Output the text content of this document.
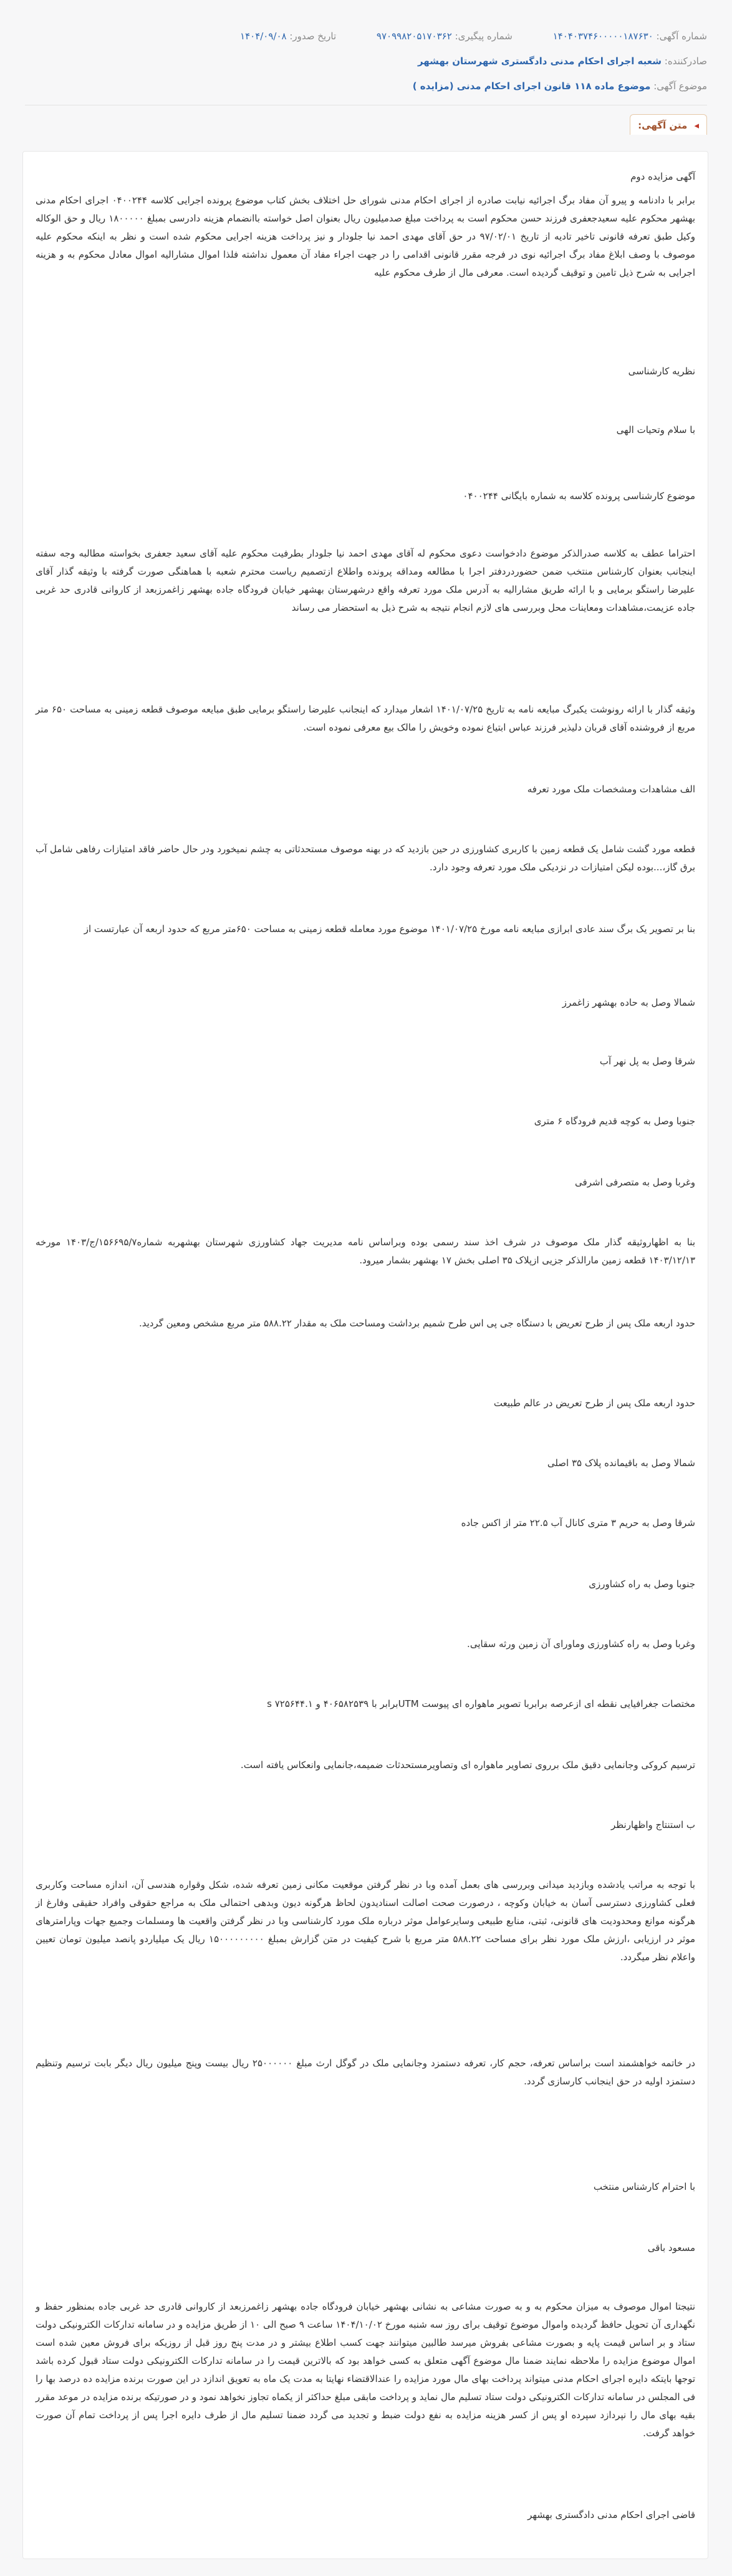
شماره آگهی: ۱۴۰۴۰۳۷۴۶۰۰۰۰۰۱۸۷۶۳۰ شماره پیگیری: ۹۷۰۹۹۸۲۰۵۱۷۰۳۶۲ تاریخ صدور: ۱۴۰۴/۰۹/۰۸
صادرکننده: شعبه اجرای احکام مدنی دادگستری شهرستان بهشهر
موضوع آگهی: موضوع ماده ۱۱۸ قانون اجرای احکام مدنی (مزایده )
◂ متن آگهی:
آگهی مزایده دوم
برابر با دادنامه و پیرو آن مفاد برگ اجرائیه نیابت صادره از اجرای احکام مدنی شورای حل اختلاف بخش کتاب موضوع پرونده اجرایی کلاسه ۰۴۰۰۲۴۴ اجرای احکام مدنی بهشهر محکوم علیه سعیدجعفری فرزند حسن محکوم است به پرداخت مبلغ صدمیلیون ریال بعنوان اصل خواسته باانضمام هزینه دادرسی بمبلغ ۱۸۰۰۰۰۰ ریال و حق الوکاله وکیل طبق تعرفه قانونی تاخیر تادیه از تاریخ ۹۷/۰۲/۰۱ در حق آقای مهدی احمد نیا جلودار و نیز پرداخت هزینه اجرایی محکوم شده است و نظر به اینکه محکوم علیه موصوف با وصف ابلاغ مفاد برگ اجرائیه نوی در فرجه مقرر قانونی اقدامی را در جهت اجراء مفاد آن معمول نداشته فلذا اموال مشارالیه اموال معادل محکوم به و هزینه اجرایی به شرح ذیل تامین و توقیف گردیده است. معرفی مال از طرف محکوم علیه
نظریه کارشناسی
با سلام وتحیات الهی
موضوع کارشناسی پرونده کلاسه به شماره بایگانی ۰۴۰۰۲۴۴
احتراما عطف به کلاسه صدرالذکر موضوع دادخواست دعوی محکوم له آقای مهدی احمد نیا جلودار بطرفیت محکوم علیه آقای سعید جعفری بخواسته مطالبه وجه سفته اینجانب بعنوان کارشناس منتخب ضمن حضوردردفتر اجرا با مطالعه ومداقه پرونده واطلاع ازتصمیم ریاست محترم شعبه با هماهنگی صورت گرفته با وثیقه گذار آقای علیرضا راستگو برمایی و با ارائه طریق مشارالیه به آدرس ملک مورد تعرفه واقع درشهرستان بهشهر خیابان فرودگاه جاده بهشهر زاغمرزبعد از کاروانی قادری حد غربی جاده عزیمت،مشاهدات ومعاینات محل وبررسی های لازم انجام نتیجه به شرح ذیل به استحضار می رساند
وثیقه گذار با ارائه رونوشت یکبرگ مبایعه نامه به تاریخ ۱۴۰۱/۰۷/۲۵ اشعار میدارد که اینجانب علیرضا راستگو برمایی طبق مبایعه موصوف قطعه زمینی به مساحت ۶۵۰ متر مربع از فروشنده آقای قربان دلیذیر فرزند عباس ابتیاع نموده وخویش را مالک بیع معرفی نموده است.
الف مشاهدات ومشخصات ملک مورد تعرفه
قطعه مورد گشت شامل یک قطعه زمین با کاربری کشاورزی در حین بازدید که در بهنه موصوف مستحدثاتی به چشم نمیخورد ودر حال حاضر فاقد امتیازات رفاهی شامل آب برق گاز،...بوده لیکن امتیازات در نزدیکی ملک مورد تعرفه وجود دارد.
بنا بر تصویر یک برگ سند عادی ابرازی مبایعه نامه مورخ ۱۴۰۱/۰۷/۲۵ موضوع مورد معامله قطعه زمینی به مساحت ۶۵۰متر مربع که حدود اربعه آن عبارتست از
شمالا وصل به حاده بهشهر زاغمرز
شرقا وصل به پل نهر آب
جنوبا وصل به کوچه قدیم فرودگاه ۶ متری
وغربا وصل به متصرفی اشرفی
بنا به اظهاروثیقه گذار ملک موصوف در شرف اخذ سند رسمی بوده وبراساس نامه مدیریت جهاد کشاورزی شهرستان بهشهربه شماره۱۵۶۶۹۵/۷/ج/۱۴۰۳ مورخه ۱۴۰۳/۱۲/۱۳ قطعه زمین مارالذکر جزیی ازپلاک ۳۵ اصلی بخش ۱۷ بهشهر بشمار میرود.
حدود اربعه ملک پس از طرح تعریض با دستگاه جی پی اس طرح شمیم برداشت ومساحت ملک به مقدار ۵۸۸.۲۲ متر مربع مشخص ومعین گردید.
حدود اربعه ملک پس از طرح تعریض در عالم طبیعت
شمالا وصل به باقیمانده پلاک ۳۵ اصلی
شرقا وصل به حریم ۳ متری کانال آب ۲۲.۵ متر از اکس جاده
جنوبا وصل به راه کشاورزی
وغربا وصل به راه کشاورزی وماورای آن زمین ورثه سقایی.
مختصات جغرافیایی نقطه ای ازعرصه برابربا تصویر ماهواره ای پیوست UTMبرابر با ۴۰۶۵۸۲۵۳۹ و ۷۲۵۶۴۴.۱ s
ترسیم کروکی وجانمایی دقیق ملک برروی تصاویر ماهواره ای وتصاویرمستحدثات ضمیمه،جانمایی وانعکاس یافته است.
ب استنتاج واظهارنظر
با توجه به مراتب یادشده وبازدید میدانی وبررسی های بعمل آمده وبا در نظر گرفتن موقعیت مکانی زمین تعرفه شده، شکل وقواره هندسی آن، اندازه مساحت وکاربری فعلی کشاورزی دسترسی آسان به خیابان وکوچه ، درصورت صحت اصالت اسنادیدون لحاظ هرگونه دیون وبدهی احتمالی ملک به مراجع حقوقی وافراد حقیقی وفارغ از هرگونه موانع ومحدودیت های قانونی، ثبتی، منابع طبیعی وسایرعوامل موثر درباره ملک مورد کارشناسی وبا در نظر گرفتن واقعیت ها ومسلمات وجمیع جهات وپارامترهای موثر در ارزیابی ،ارزش ملک مورد نظر برای مساحت ۵۸۸.۲۲ متر مربع با شرح کیفیت در متن گزارش بمبلغ ۱۵۰۰۰۰۰۰۰۰۰ ریال یک میلیاردو پانصد میلیون تومان تعیین واعلام نظر میگردد.
در خاتمه خواهشمند است براساس تعرفه، حجم کار، تعرفه دستمزد وجانمایی ملک در گوگل ارث مبلغ ۲۵۰۰۰۰۰۰ ریال بیست وپنج میلیون ریال دیگر بابت ترسیم وتنظیم دستمزد اولیه در حق اینجانب کارسازی گردد.
با احترام کارشناس منتخب
مسعود باقی
نتیجتا اموال موصوف به میزان محکوم به و به صورت مشاعی به نشانی بهشهر خیابان فرودگاه جاده بهشهر زاغمرزبعد از کاروانی قادری حد غربی جاده بمنظور حفظ و نگهداری آن تحویل حافظ گردیده واموال موضوع توقیف برای روز سه شنبه مورخ ۱۴۰۴/۱۰/۰۲ ساعت ۹ صبح الی ۱۰ از طریق مزایده و در سامانه تدارکات الکترونیکی دولت ستاد و بر اساس قیمت پایه و بصورت مشاعی بفروش میرسد طالبین میتوانند جهت کسب اطلاع بیشتر و در مدت پنج روز قبل از روزیکه برای فروش معین شده است اموال موضوع مزایده را ملاحظه نمایند ضمنا مال موضوع آگهی متعلق به کسی خواهد بود که بالاترین قیمت را در سامانه تدارکات الکترونیکی دولت ستاد قبول کرده باشد توجها بایتکه دایره اجرای احکام مدنی میتواند پرداخت بهای مال مورد مزایده را عندالاقتضاء نهایتا به مدت یک ماه به تعویق اندازد در این صورت برنده مزایده ده درصد بها را فی المجلس در سامانه تدارکات الکترونیکی دولت ستاد تسلیم مال نماید و پرداخت مابقی مبلغ حداکثر از یکماه تجاوز نخواهد نمود و در صورتیکه برنده مزایده در موعد مقرر بقیه بهای مال را نپردازد سپرده او پس از کسر هزینه مزایده به نفع دولت ضبط و تجدید می گردد ضمنا تسلیم مال از طرف دایره اجرا پس از پرداخت تمام آن صورت خواهد گرفت.
قاضی اجرای احکام مدنی دادگستری بهشهر
